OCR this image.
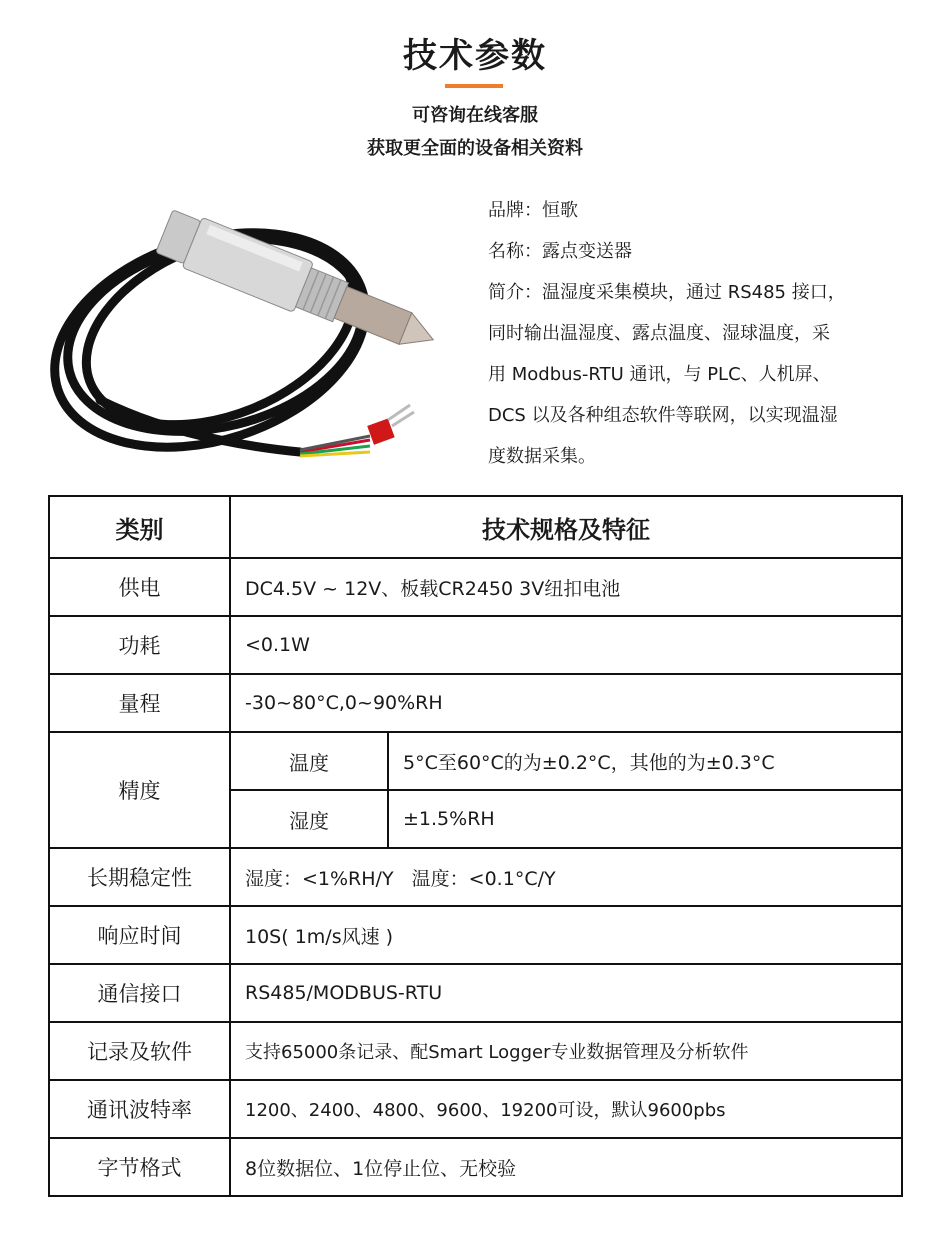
技术参数
可咨询在线客服
获取更全面的设备相关资料
品牌：恒歌
名称：露点变送器
简介：温湿度采集模块，通过 RS485 接口，
同时输出温湿度、露点温度、湿球温度，采
用 Modbus-RTU 通讯，与 PLC、人机屏、
DCS 以及各种组态软件等联网，以实现温湿
度数据采集。
类别	技术规格及特征	
供电	DC4.5V ~ 12V、板载CR2450 3V纽扣电池	
功耗	<0.1W	
量程	-30~80°C,0~90%RH	
精度	温度	5°C至60°C的为±0.2°C，其他的为±0.3°C
	湿度	±1.5%RH
长期稳定性	湿度：<1%RH/Y   温度：<0.1°C/Y	
响应时间	10S( 1m/s风速 )	
通信接口	RS485/MODBUS-RTU	
记录及软件	支持65000条记录、配Smart Logger专业数据管理及分析软件	
通讯波特率	1200、2400、4800、9600、19200可设，默认9600pbs	
字节格式	8位数据位、1位停止位、无校验	
